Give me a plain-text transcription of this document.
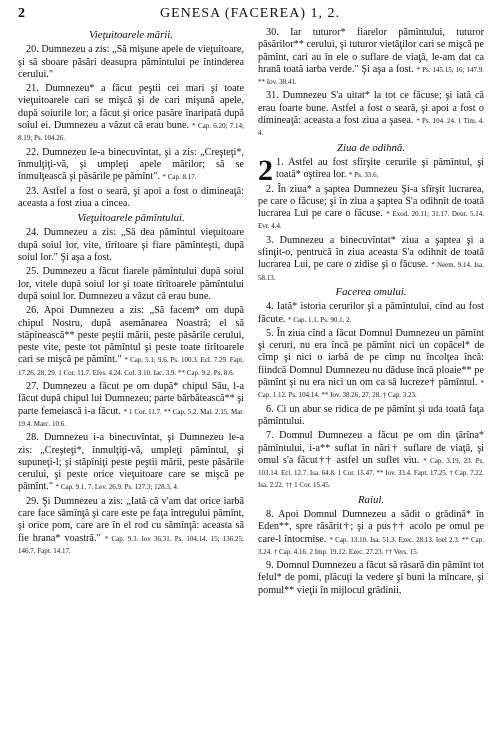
2	GENESA (FACEREA) 1, 2.
Vieţuitoarele mării.
20. Dumnezeu a zis: „Să mişune apele de vieţuitoare, şi să sboare păsări deasupra pămîntului pe întinderea cerului."
21. Dumnezeu* a făcut peştii cei mari şi toate vieţuitoarele cari se mişcă şi de cari mişună apele, după soiurile lor; a făcut şi orice pasăre înaripată după soiul ei. Dumnezeu a văzut că erau bune. * Cap. 6.20; 7.14; 8.19; Ps. 104.26.
22. Dumnezeu le-a binecuvîntat, şi a zis: „Creşteţi*, înmulţiţi-vă, şi umpleţi apele mărilor; să se înmulţească şi păsările pe pămînt". * Cap. 8.17.
23. Astfel a fost o seară, şi apoi a fost o dimineaţă: aceasta a fost ziua a cincea.
Vieţuitoarele pămîntului.
24. Dumnezeu a zis: „Să dea pămîntul vieţuitoare după soiul lor, vite, tîrîtoare şi fiare pămînteşti, după soiul lor." Şi aşa a fost.
25. Dumnezeu a făcut fiarele pămîntului după soiul lor, vitele după soiul lor şi toate tîrîtoarele pămîntului după soiul lor. Dumnezeu a văzut că erau bune.
26. Apoi Dumnezeu a zis: „Să facem* om după chipul Nostru, după asemănarea Noastră; el să stăpînească** peste peştii mării, peste păsările cerului, peste vite, peste tot pămîntul şi peste toate tîrîtoarele cari se mişcă pe pămînt." * Cap. 5.1; 9.6. Ps. 100.3. Ecl. 7.29. Fapt. 17.26, 28, 29. 1 Cor. 11.7. Efes. 4.24. Col. 3.10. Iac. 3.9. ** Cap. 9.2. Ps. 8.6.
27. Dumnezeu a făcut pe om după* chipul Său, l-a făcut după chipul lui Dumnezeu; parte bărbătească** şi parte femeiască i-a făcut. * 1 Cor. 11.7. ** Cap. 5.2. Mal. 2.15. Mat. 19.4. Marc. 10.6.
28. Dumnezeu i-a binecuvîntat, şi Dumnezeu le-a zis: „Creşteţi*, înmulţiţi-vă, umpleţi pămîntul, şi supuneţi-l; şi stăpîniţi peste peştii mării, peste păsările cerului, şi peste orice vieţuitoare care se mişcă pe pămînt." * Cap. 9.1, 7. Lev. 26.9. Ps. 127.3; 128.3, 4.
29. Şi Dumnezeu a zis: „Iată că v'am dat orice iarbă care face sămînţă şi care este pe faţa întregului pămînt, şi orice pom, care are în el rod cu sămînţă: aceasta să fie hrana* voastră." * Cap. 9.3. Iov 36.31. Ps. 104.14, 15; 136.25; 146.7. Fapt. 14.17.
30. Iar tuturor* fiarelor pămîntului, tuturor păsărilor** cerului, şi tuturor vietăţilor cari se mişcă pe pămînt, cari au în ele o suflare de viaţă, le-am dat ca hrană toată iarba verde." Şi aşa a fost. * Ps. 145.15, 16; 147.9. ** Iov. 38.41.
31. Dumnezeu S'a uitat* la tot ce făcuse; şi iată că erau foarte bune. Astfel a fost o seară, şi apoi a fost o dimineaţă: aceasta a fost ziua a şasea. * Ps. 104. 24. 1 Tim. 4. 4.
Ziua de odihnă.
2 1. Astfel au fost sfîrşite cerurile şi pămîntul, şi toată* oştirea lor. * Ps. 33.6.
2. În ziua* a şaptea Dumnezeu Şi-a sfîrşit lucrarea, pe care o făcuse; şi în ziua a şaptea S'a odihnit de toată lucrarea Lui pe care o făcuse. * Exod. 20.11; 31.17. Deut. 5.14. Evr. 4.4.
3. Dumnezeu a binecuvîntat* ziua a şaptea şi a sfinţit-o, pentrucă în ziua aceasta S'a odihnit de toată lucrarea Lui, pe care o zidise şi o făcuse. * Neem. 9.14. Isa. 58.13.
Facerea omului.
4. Iată* istoria cerurilor şi a pămîntului, cînd au fost făcute. * Cap. 1.1. Ps. 90.1, 2.
5. În ziua cînd a făcut Domnul Dumnezeu un pămînt şi ceruri, nu era încă pe pămînt nici un copăcel* de cîmp şi nici o iarbă de pe cîmp nu încolţea încă: fiindcă Domnul Dumnezeu nu dăduse încă ploaie** pe pămînt şi nu era nici un om ca să lucreze† pămîntul. * Cap. 1.12. Ps. 104.14. ** Iov. 38.26, 27, 28. † Cap. 3.23.
6. Ci un abur se ridica de pe pămînt şi uda toată faţa pămîntului.
7. Domnul Dumnezeu a făcut pe om din ţărîna* pămîntului, i-a** suflat în nări† suflare de viaţă, şi omul s'a făcut†† astfel un suflet viu. * Cap. 3.19, 23. Ps. 103.14. Ecl. 12.7. Isa. 64.8. 1 Cor. 15.47. ** Iov. 33.4. Fapt. 17.25. † Cap. 7.22. Isa. 2.22. †† 1 Cor. 15.45.
Raiul.
8. Apoi Domnul Dumnezeu a sădit o grădină* în Eden**, spre răsărit†; şi a pus†† acolo pe omul pe care-l întocmise. * Cap. 13.10. Isa. 51.3. Ezec. 28.13. Ioel 2.3. ** Cap. 3.24. † Cap. 4.16. 2 Imp. 19.12. Ezec. 27.23. †† Vers. 15.
9. Domnul Dumnezeu a făcut să răsară din pămînt tot felul* de pomi, plăcuţi la vedere şi buni la mîncare, şi pomul** vieţii în mijlocul grădinii,
